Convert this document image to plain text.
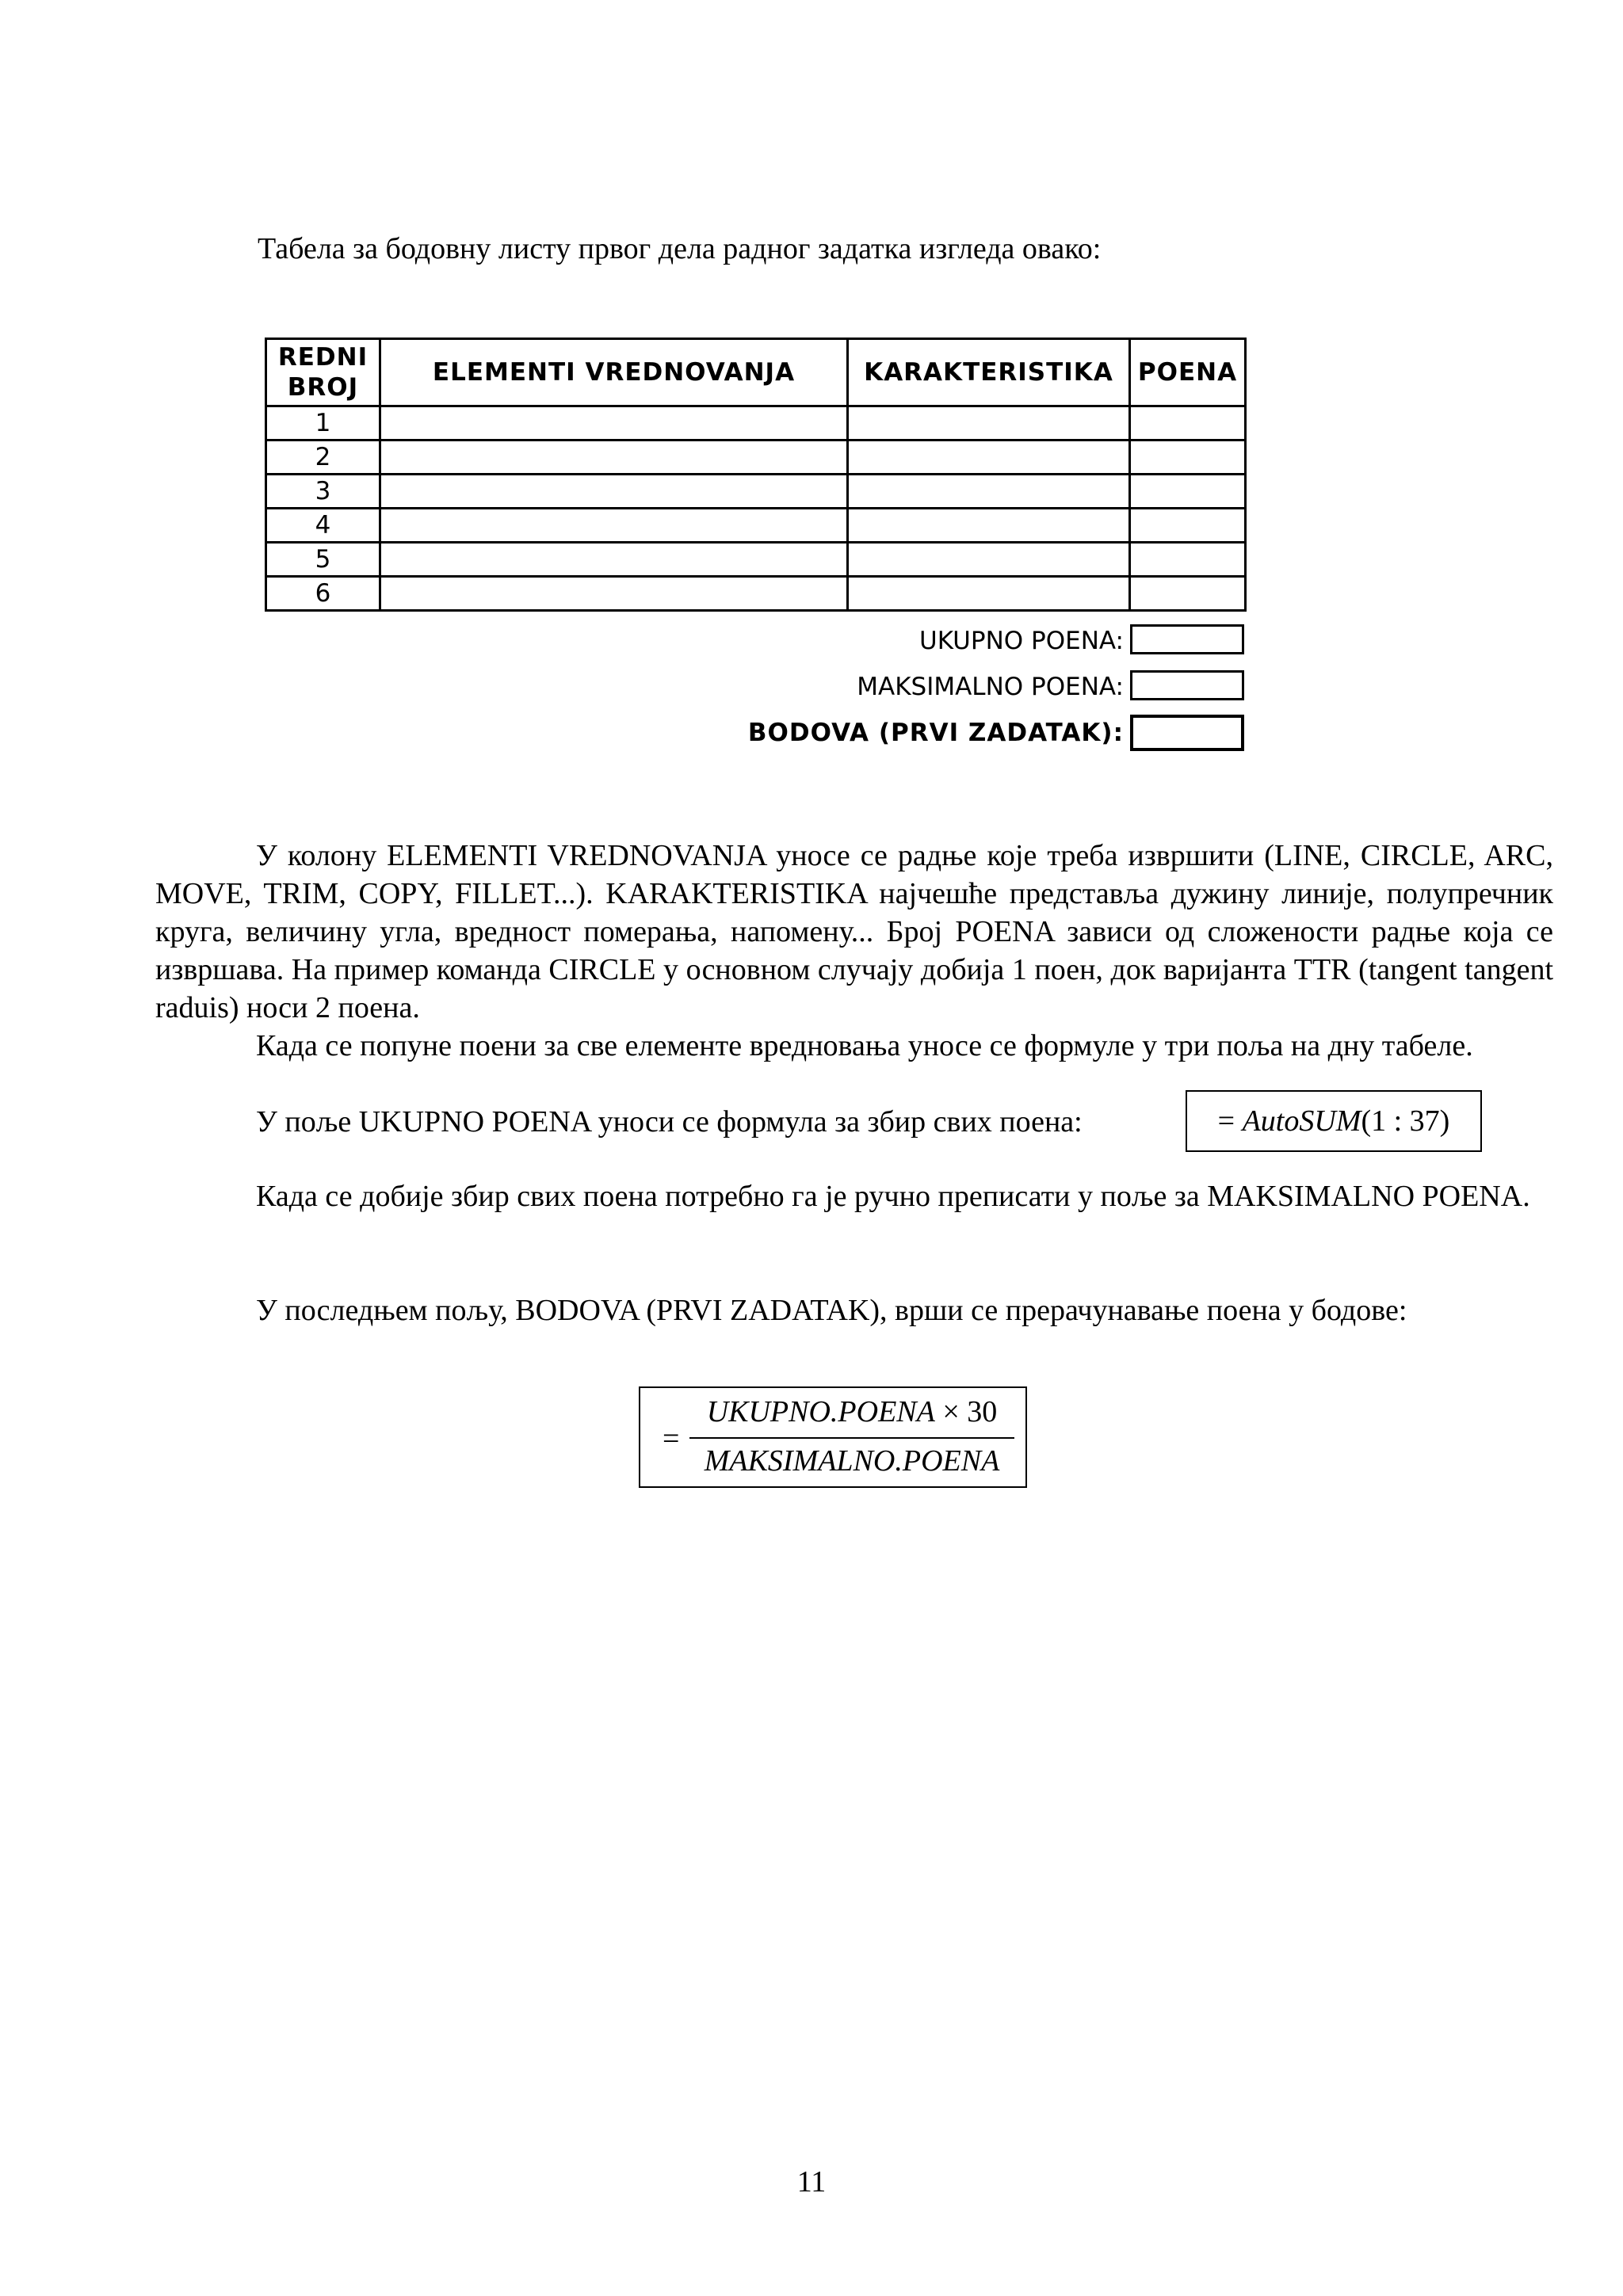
Табела за бодовну листу првог дела радног задатка изгледа овако:
REDNI BROJ	ELEMENTI VREDNOVANJA	KARAKTERISTIKA	POENA
1			
2			
3			
4			
5			
6			
UKUPNO POENA:
MAKSIMALNO POENA:
BODOVA (PRVI ZADATAK):
У колону ELEMENTI VREDNOVANJA уносе се радње које треба извршити (LINE, CIRCLE, ARC, MOVE, TRIM, COPY, FILLET...). KARAKTERISTIKA најчешће представља дужину линије, полупречник круга, величину угла, вредност померања, напомену... Број POENA зависи од сложености радње која се извршава. На пример команда CIRCLE у основном случају добија 1 поен, док варијанта TTR (tangent tangent raduis) носи 2 поена.
Када се попуне поени за све елементе вредновања уносе се формуле у три поља на дну табеле.
У поље UKUPNO POENA уноси се формула за збир свих поена:	= AutoSUM(1 : 37)
Када се добије збир свих поена потребно га је ручно преписати у поље за MAKSIMALNO POENA.
У последњем пољу, BODOVA (PRVI ZADATAK), врши се прерачунавање поена у бодове:
=
UKUPNO.POENA × 30
MAKSIMALNO.POENA
11
